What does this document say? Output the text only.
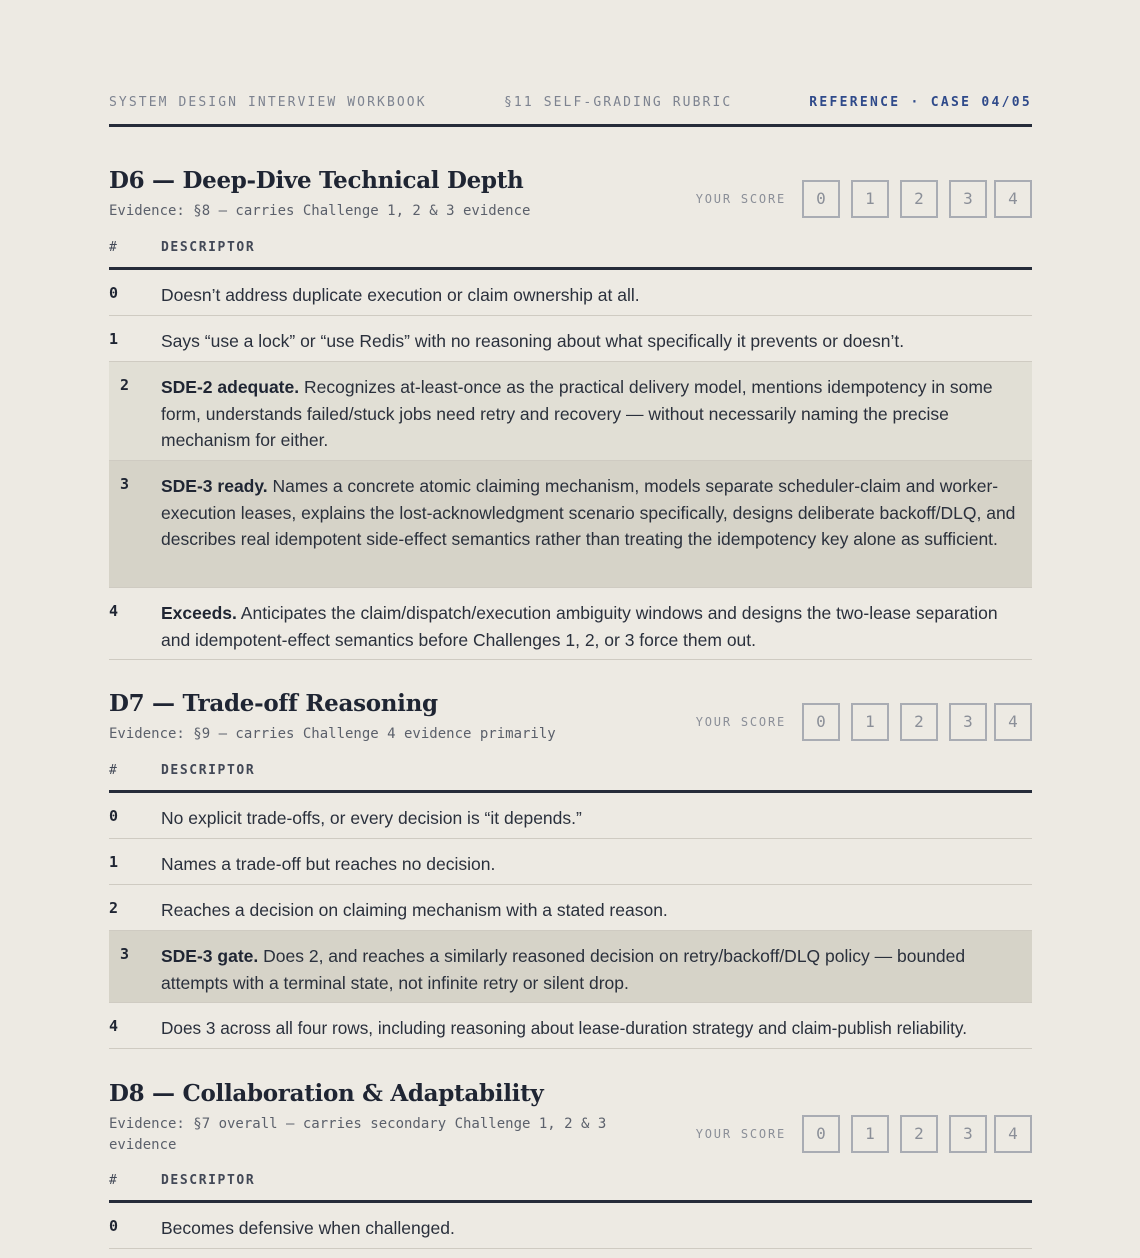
SYSTEM DESIGN INTERVIEW WORKBOOK	§11 SELF-GRADING RUBRIC	REFERENCE · CASE 04/05
D6 — Deep-Dive Technical Depth
Evidence: §8 — carries Challenge 1, 2 & 3 evidence
YOUR SCORE	0	1	2	3	4
#	DESCRIPTOR
0	Doesn’t address duplicate execution or claim ownership at all.
1	Says “use a lock” or “use Redis” with no reasoning about what specifically it prevents or doesn’t.
2	SDE-2 adequate. Recognizes at-least-once as the practical delivery model, mentions idempotency in some form, understands failed/stuck jobs need retry and recovery — without necessarily naming the precise mechanism for either.
3	SDE-3 ready. Names a concrete atomic claiming mechanism, models separate scheduler-claim and worker-execution leases, explains the lost-acknowledgment scenario specifically, designs deliberate backoff/DLQ, and describes real idempotent side-effect semantics rather than treating the idempotency key alone as sufficient.
4	Exceeds. Anticipates the claim/dispatch/execution ambiguity windows and designs the two-lease separation and idempotent-effect semantics before Challenges 1, 2, or 3 force them out.
D7 — Trade-off Reasoning
Evidence: §9 — carries Challenge 4 evidence primarily
YOUR SCORE	0	1	2	3	4
#	DESCRIPTOR
0	No explicit trade-offs, or every decision is “it depends.”
1	Names a trade-off but reaches no decision.
2	Reaches a decision on claiming mechanism with a stated reason.
3	SDE-3 gate. Does 2, and reaches a similarly reasoned decision on retry/backoff/DLQ policy — bounded attempts with a terminal state, not infinite retry or silent drop.
4	Does 3 across all four rows, including reasoning about lease-duration strategy and claim-publish reliability.
D8 — Collaboration & Adaptability
Evidence: §7 overall — carries secondary Challenge 1, 2 & 3 evidence
YOUR SCORE	0	1	2	3	4
#	DESCRIPTOR
0	Becomes defensive when challenged.
